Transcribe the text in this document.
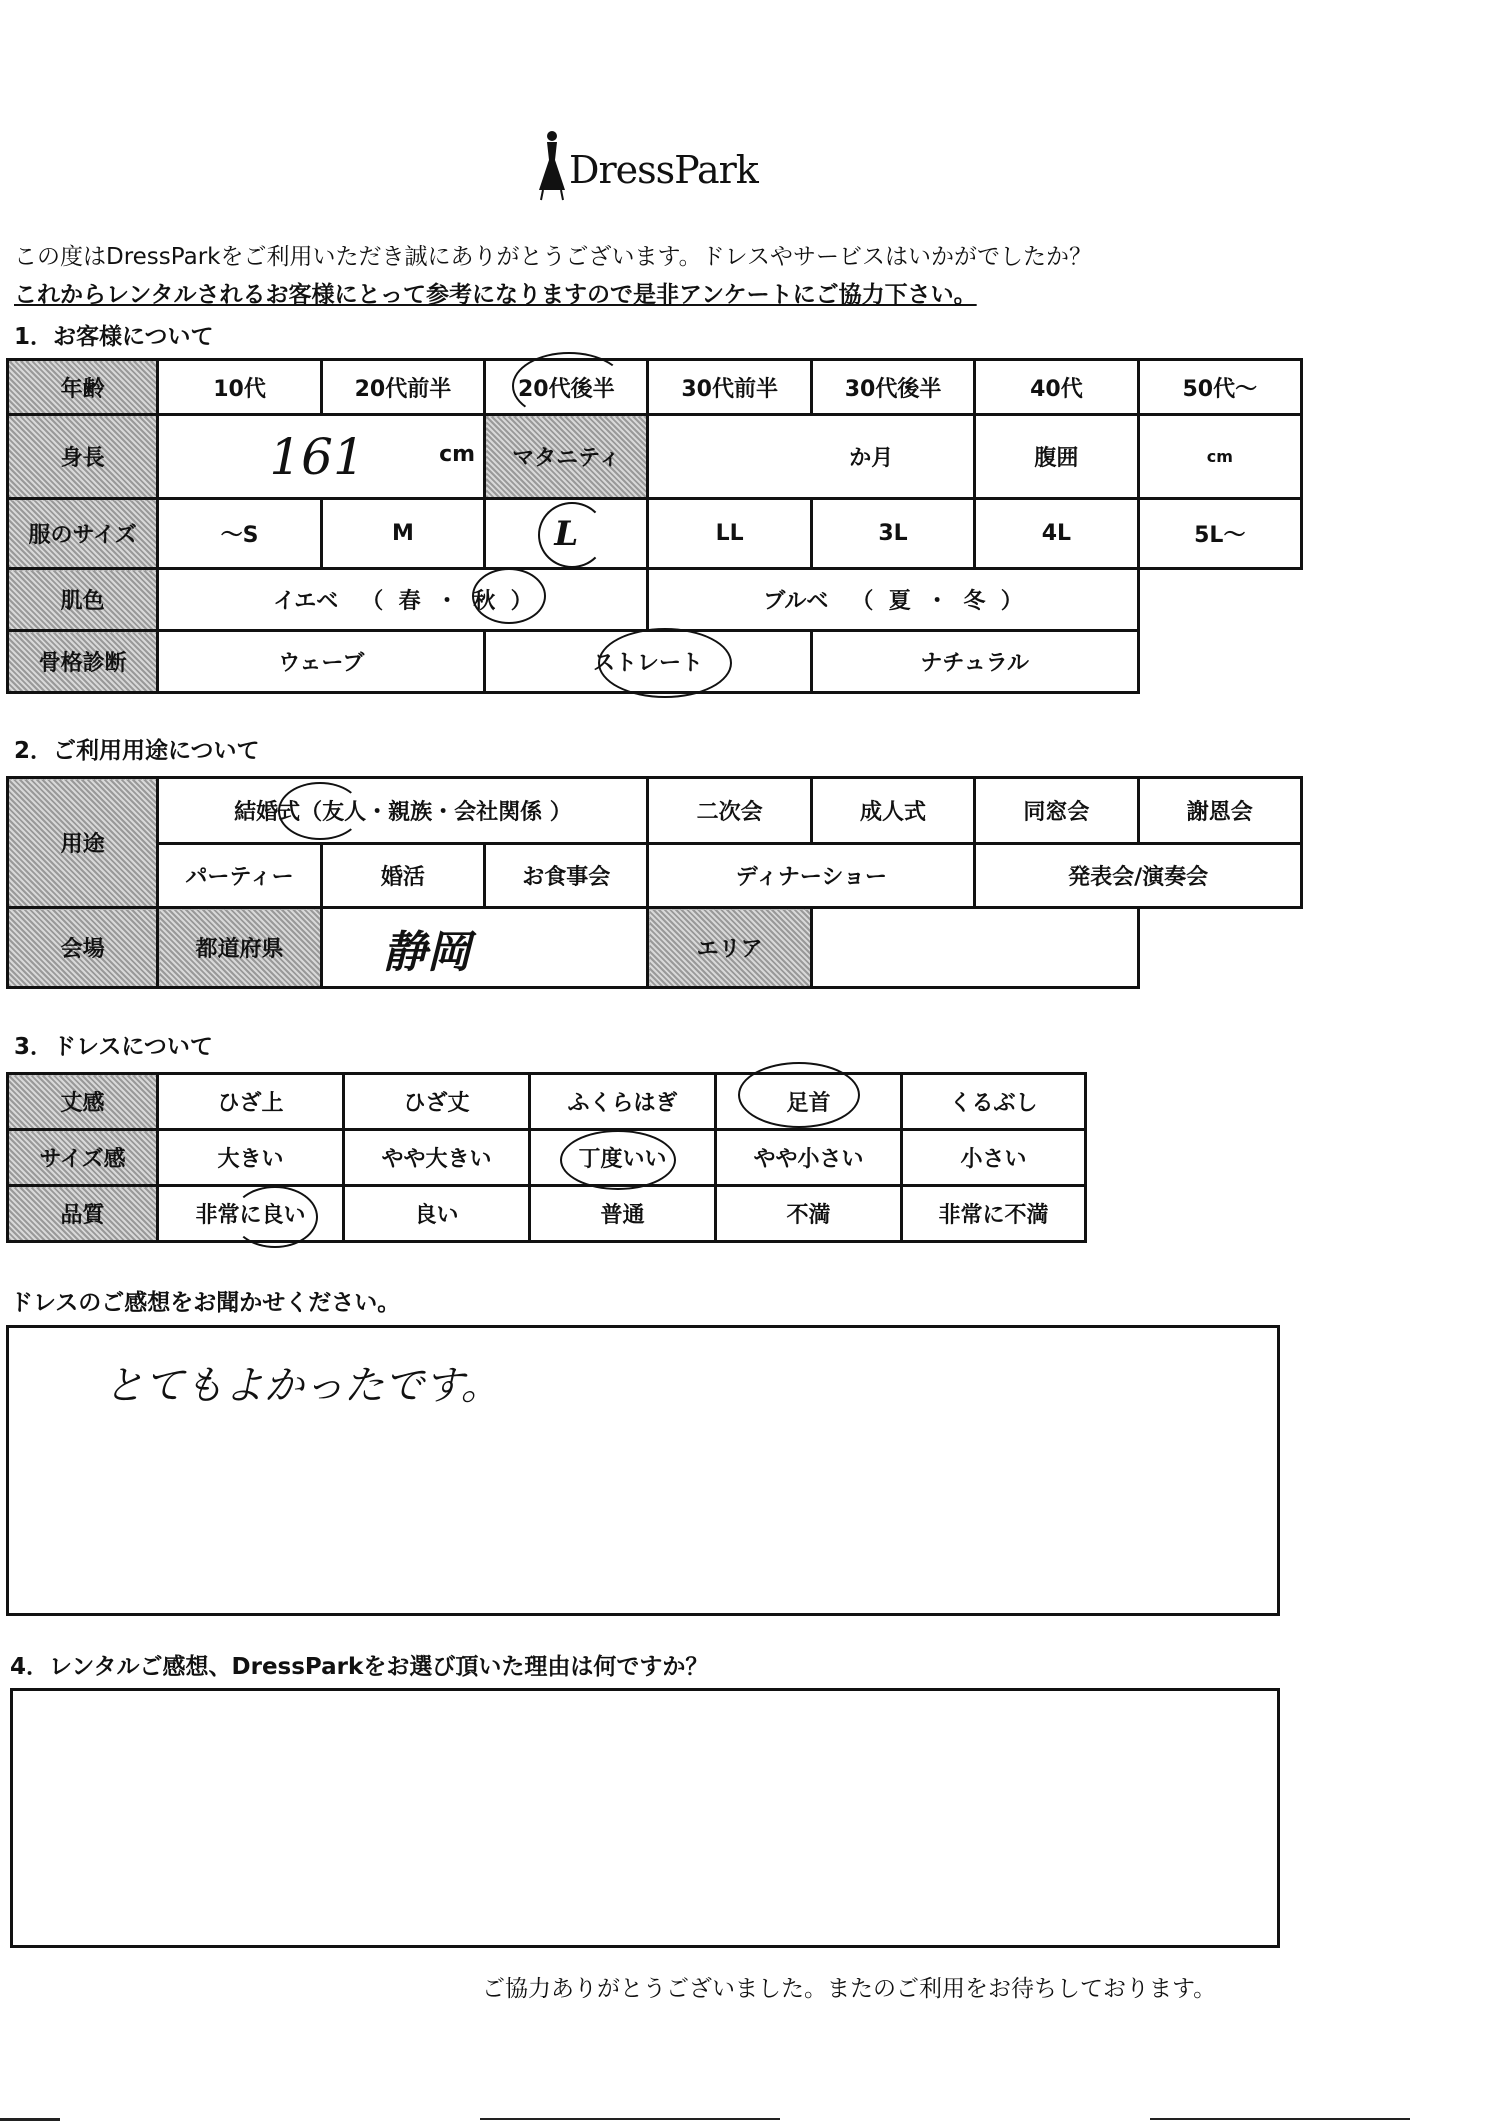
DressPark
この度はDressParkをご利用いただき誠にありがとうございます。ドレスやサービスはいかがでしたか？
これからレンタルされるお客様にとって参考になりますので是非アンケートにご協力下さい。
1．お客様について
年齢	10代	20代前半	20代後半	30代前半	30代後半	40代	50代～
身長	161 cm		マタニティ	か月		腹囲	cm
服のサイズ	～S	M	L	LL	3L	4L	5L～
肌色	イエベ （ 春 ・ 秋 ）			ブルベ （ 夏 ・ 冬 ）			
骨格診断	ウェーブ		ストレート		ナチュラル		
2．ご利用用途について
用途	結婚式（友人・親族・会社関係 ）			二次会	成人式	同窓会	謝恩会
	パーティー	婚活	お食事会	ディナーショー		発表会/演奏会	
会場	都道府県	静岡		エリア			
3．ドレスについて
丈感	ひざ上	ひざ丈	ふくらはぎ	足首	くるぶし
サイズ感	大きい	やや大きい	丁度いい	やや小さい	小さい
品質	非常に良い	良い	普通	不満	非常に不満
ドレスのご感想をお聞かせください。
とてもよかったです。
4．レンタルご感想、DressParkをお選び頂いた理由は何ですか？
ご協力ありがとうございました。またのご利用をお待ちしております。
